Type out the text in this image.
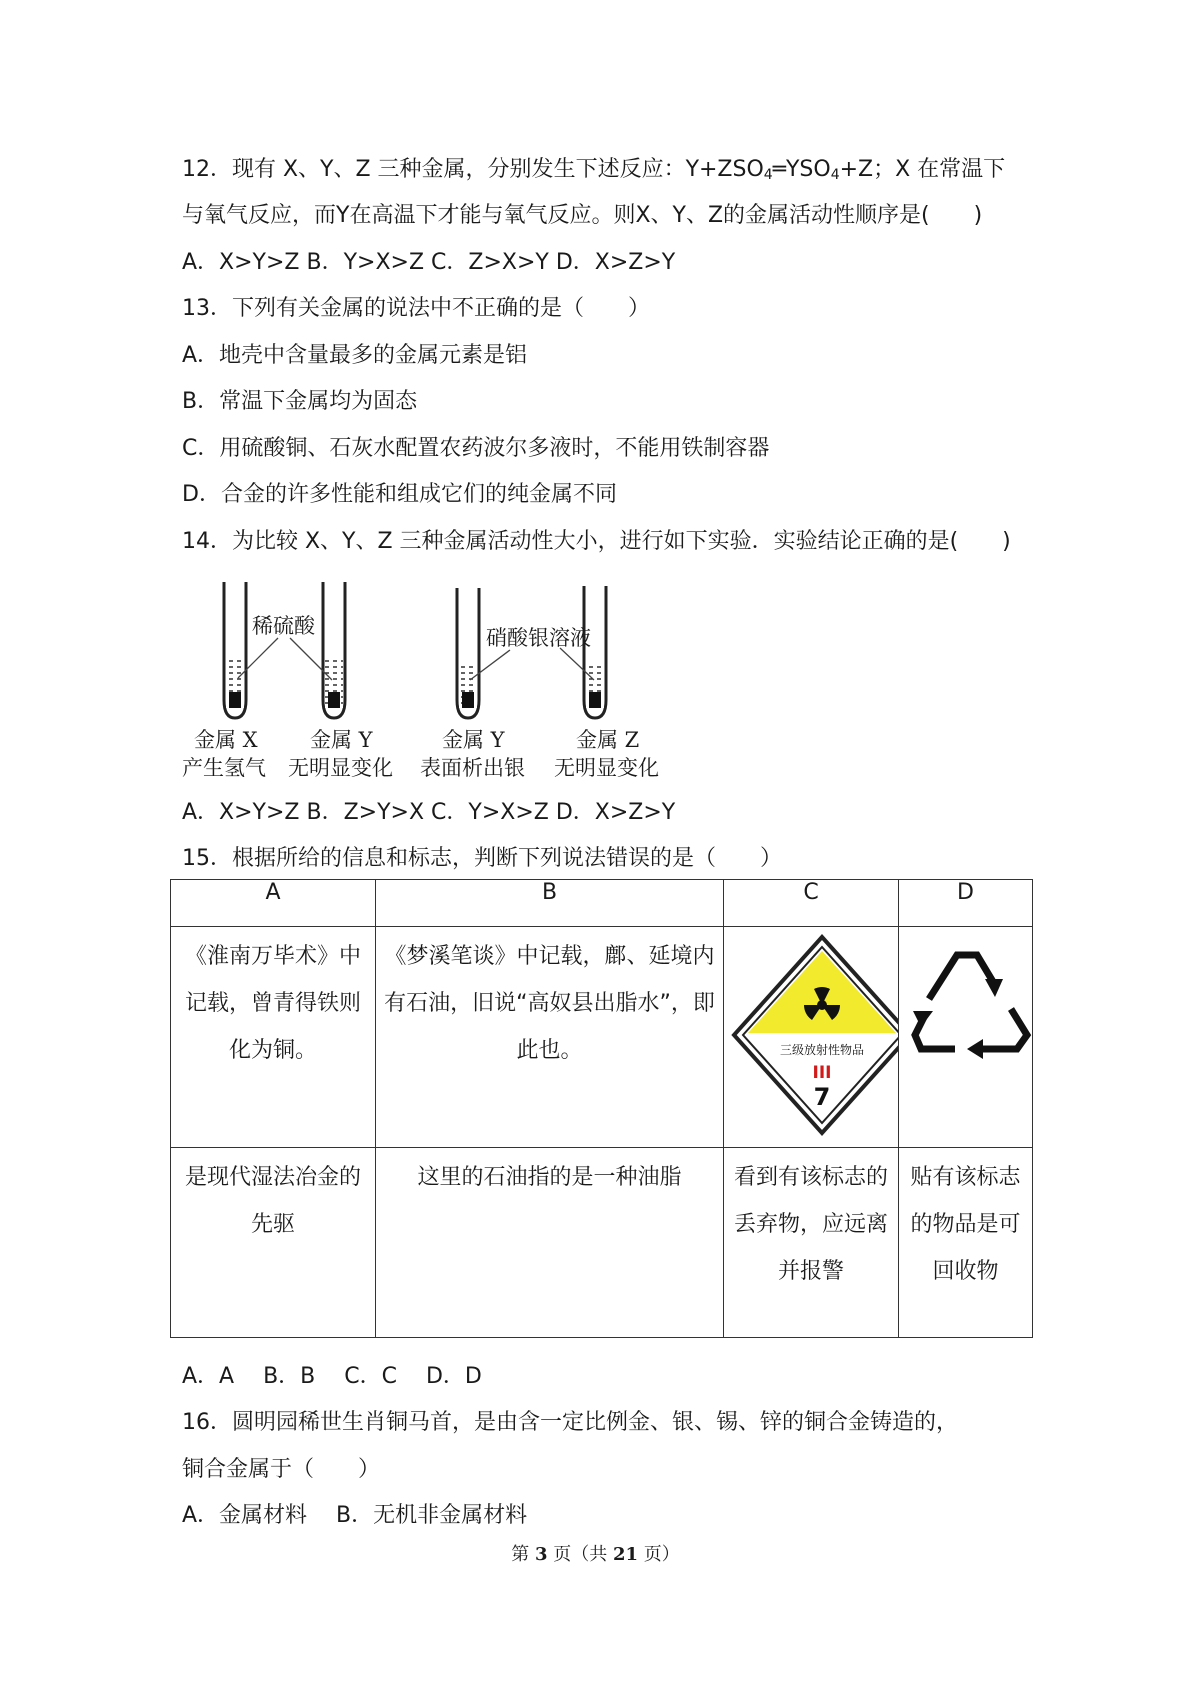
12．现有 X、Y、Z 三种金属，分别发生下述反应：$Y+ZSO_4═YSO_4+Z$；X 在常温下
与氧气反应，而Y在高温下才能与氧气反应。则X、Y、Z的金属活动性顺序是(　　)
A．X>Y>Z B．Y>X>Z C．Z>X>Y D．X>Z>Y
13．下列有关金属的说法中不正确的是（　　）
A．地壳中含量最多的金属元素是铝
B．常温下金属均为固态
C．用硫酸铜、石灰水配置农药波尔多液时，不能用铁制容器
D．合金的许多性能和组成它们的纯金属不同
14．为比较 X、Y、Z 三种金属活动性大小，进行如下实验．实验结论正确的是(　　)
稀硫酸	硝酸银溶液
金属 X 金属 Y	金属 Y	金属 Z
产生氢气 无明显变化 表面析出银 无明显变化
A．X>Y>Z B．Z>Y>X C．Y>X>Z D．X>Z>Y
15．根据所给的信息和标志，判断下列说法错误的是（　　）
A	B	C	D

《淮南万毕术》中记载，曾青得铁则化为铜。	《梦溪笔谈》中记载，鄜、延境内有石油，旧说“高奴县出脂水”，即此也。	三级放射性物品
III
7

是现代湿法冶金的先驱	这里的石油指的是一种油脂	看到有该标志的丢弃物，应远离并报警	贴有该标志的物品是可回收物
A．A　 B．B　 C．C　 D．D
16．圆明园稀世生肖铜马首，是由含一定比例金、银、锡、锌的铜合金铸造的，
铜合金属于（　　）
A．金属材料　 B．无机非金属材料
第 3 页（共 21 页）
